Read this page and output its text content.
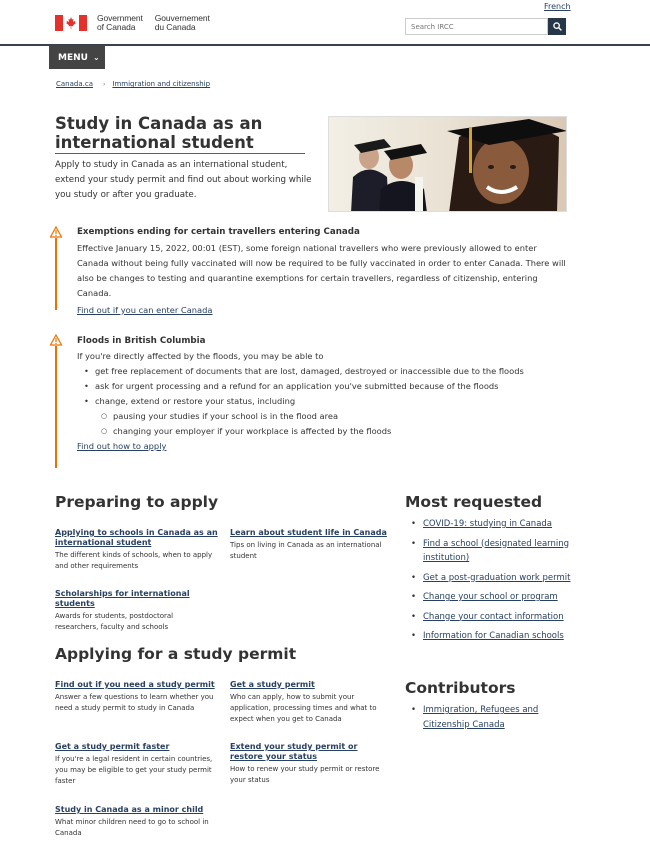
French
Government
of Canada
Gouvernement
du Canada
Search IRCC
MENU ⌄
Canada.ca › Immigration and citizenship
Study in Canada as an international student

Apply to study in Canada as an international student, extend your study permit and find out about working while you study or after you graduate.

Exemptions ending for certain travellers entering Canada

Effective January 15, 2022, 00:01 (EST), some foreign national travellers who were previously allowed to enter Canada without being fully vaccinated will now be required to be fully vaccinated in order to enter Canada. There will also be changes to testing and quarantine exemptions for certain travellers, regardless of citizenship, entering Canada.

Find out if you can enter Canada
Floods in British Columbia

If you're directly affected by the floods, you may be able to

• get free replacement of documents that are lost, damaged, destroyed or inaccessible due to the floods
• ask for urgent processing and a refund for an application you've submitted because of the floods
• change, extend or restore your status, including
○ pausing your studies if your school is in the flood area
○ changing your employer if your workplace is affected by the floods
Find out how to apply
Preparing to apply
Applying to schools in Canada as an international student
The different kinds of schools, when to apply and other requirements
Learn about student life in Canada
Tips on living in Canada as an international student
Scholarships for international students
Awards for students, postdoctoral researchers, faculty and schools
Applying for a study permit
Find out if you need a study permit
Answer a few questions to learn whether you need a study permit to study in Canada
Get a study permit
Who can apply, how to submit your application, processing times and what to expect when you get to Canada
Get a study permit faster
If you're a legal resident in certain countries, you may be eligible to get your study permit faster
Extend your study permit or restore your status
How to renew your study permit or restore your status
Study in Canada as a minor child
What minor children need to go to school in Canada
Most requested
• COVID-19: studying in Canada
• Find a school (designated learning institution)
• Get a post-graduation work permit
• Change your school or program
• Change your contact information
• Information for Canadian schools
Contributors
• Immigration, Refugees and Citizenship Canada
